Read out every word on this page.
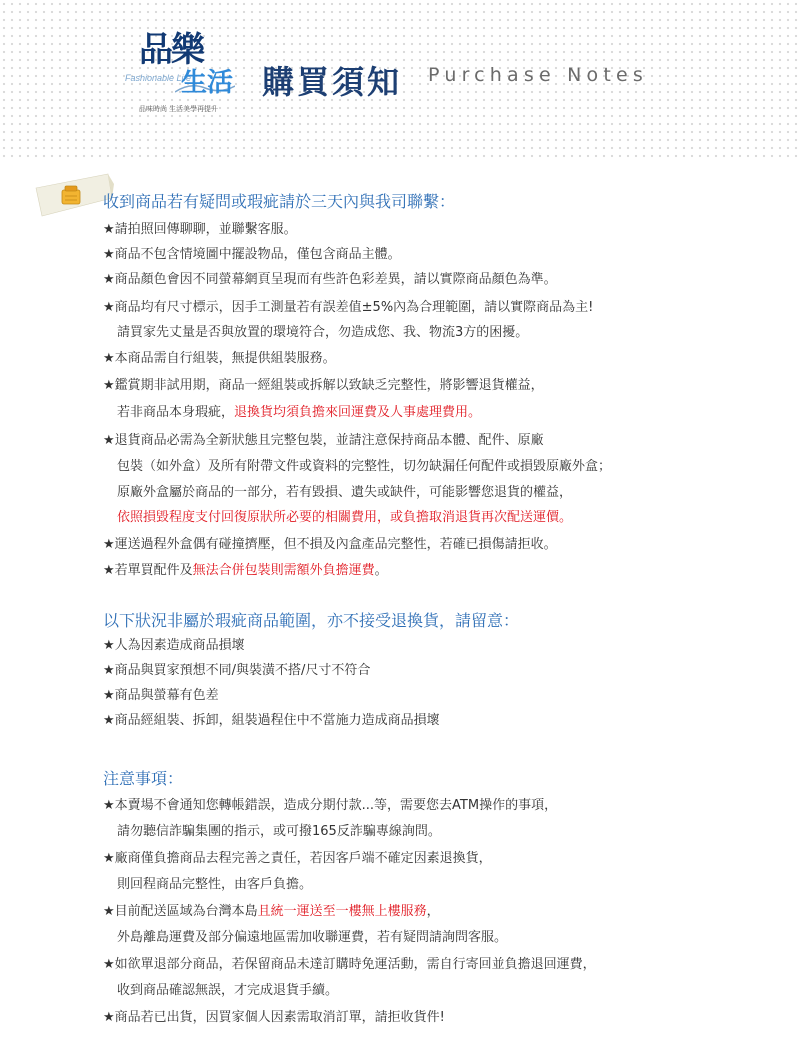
品樂
Fashionable Life
生活
品味時尚 生活美學再提升
購買須知 Purchase Notes
收到商品若有疑問或瑕疵請於三天內與我司聯繫：
★請拍照回傳聊聊，並聯繫客服。
★商品不包含情境圖中擺設物品，僅包含商品主體。
★商品顏色會因不同螢幕網頁呈現而有些許色彩差異，請以實際商品顏色為準。
★商品均有尺寸標示，因手工測量若有誤差值±5%內為合理範圍，請以實際商品為主!
請買家先丈量是否與放置的環境符合，勿造成您、我、物流3方的困擾。
★本商品需自行組裝，無提供組裝服務。
★鑑賞期非試用期，商品一經組裝或拆解以致缺乏完整性，將影響退貨權益，
若非商品本身瑕疵，退換貨均須負擔來回運費及人事處理費用。
★退貨商品必需為全新狀態且完整包裝，並請注意保持商品本體、配件、原廠
包裝（如外盒）及所有附帶文件或資料的完整性，切勿缺漏任何配件或損毀原廠外盒；
原廠外盒屬於商品的一部分，若有毀損、遺失或缺件，可能影響您退貨的權益，
依照損毀程度支付回復原狀所必要的相關費用，或負擔取消退貨再次配送運價。
★運送過程外盒偶有碰撞擠壓，但不損及內盒產品完整性，若確已損傷請拒收。
★若單買配件及無法合併包裝則需額外負擔運費。
以下狀況非屬於瑕疵商品範圍，亦不接受退換貨，請留意：
★人為因素造成商品損壞
★商品與買家預想不同/與裝潢不搭/尺寸不符合
★商品與螢幕有色差
★商品經組裝、拆卸，組裝過程住中不當施力造成商品損壞
注意事項：
★本賣場不會通知您轉帳錯誤，造成分期付款...等，需要您去ATM操作的事項，
請勿聽信詐騙集團的指示，或可撥165反詐騙專線詢問。
★廠商僅負擔商品去程完善之責任，若因客戶端不確定因素退換貨，
則回程商品完整性，由客戶負擔。
★目前配送區域為台灣本島且統一運送至一樓無上樓服務，
外島離島運費及部分偏遠地區需加收聯運費，若有疑問請詢問客服。
★如欲單退部分商品，若保留商品未達訂購時免運活動，需自行寄回並負擔退回運費，
收到商品確認無誤，才完成退貨手續。
★商品若已出貨，因買家個人因素需取消訂單，請拒收貨件!
